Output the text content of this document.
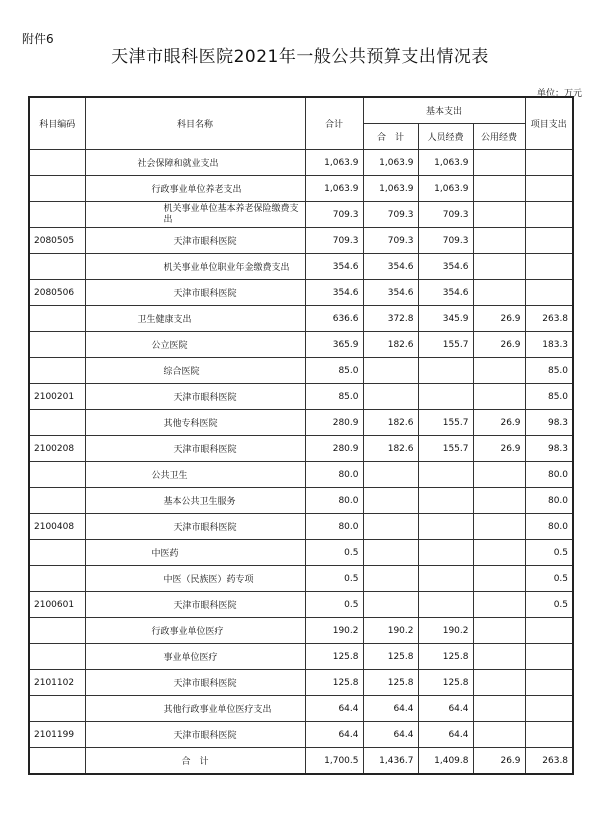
附件6
天津市眼科医院2021年一般公共预算支出情况表
单位：万元
科目编码	科目名称	合计	基本支出			项目支出
			合　计	人员经费	公用经费	
	社会保障和就业支出	1,063.9	1,063.9	1,063.9		
	行政事业单位养老支出	1,063.9	1,063.9	1,063.9		
	机关事业单位基本养老保险缴费支出	709.3	709.3	709.3		
2080505	天津市眼科医院	709.3	709.3	709.3		
	机关事业单位职业年金缴费支出	354.6	354.6	354.6		
2080506	天津市眼科医院	354.6	354.6	354.6		
	卫生健康支出	636.6	372.8	345.9	26.9	263.8
	公立医院	365.9	182.6	155.7	26.9	183.3
	综合医院	85.0				85.0
2100201	天津市眼科医院	85.0				85.0
	其他专科医院	280.9	182.6	155.7	26.9	98.3
2100208	天津市眼科医院	280.9	182.6	155.7	26.9	98.3
	公共卫生	80.0				80.0
	基本公共卫生服务	80.0				80.0
2100408	天津市眼科医院	80.0				80.0
	中医药	0.5				0.5
	中医（民族医）药专项	0.5				0.5
2100601	天津市眼科医院	0.5				0.5
	行政事业单位医疗	190.2	190.2	190.2		
	事业单位医疗	125.8	125.8	125.8		
2101102	天津市眼科医院	125.8	125.8	125.8		
	其他行政事业单位医疗支出	64.4	64.4	64.4		
2101199	天津市眼科医院	64.4	64.4	64.4		
	合　计	1,700.5	1,436.7	1,409.8	26.9	263.8
